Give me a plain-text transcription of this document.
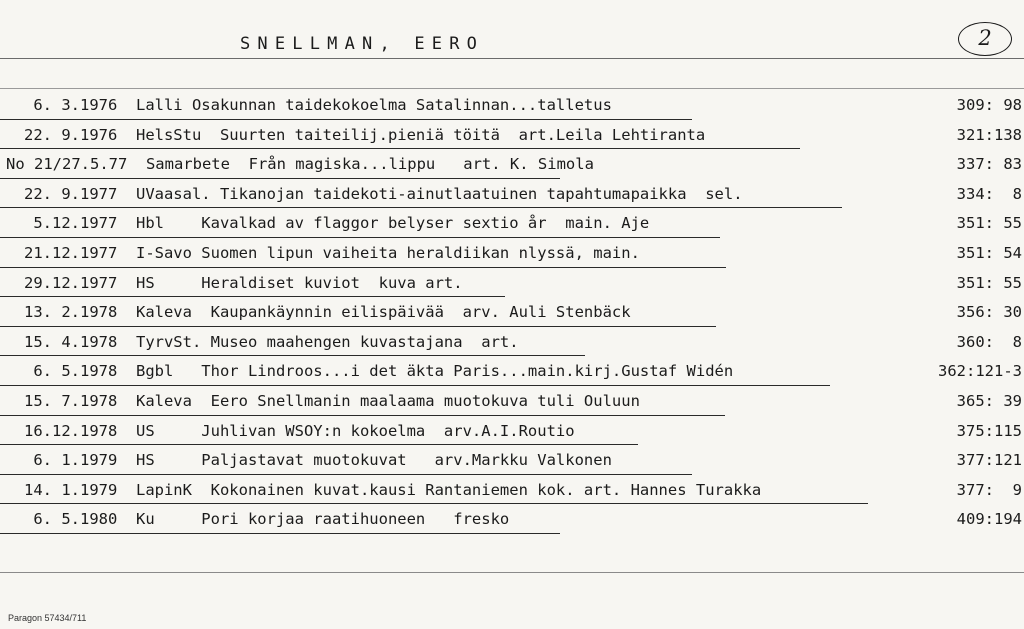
SNELLMAN, EERO	2
6. 3.1976  Lalli Osakunnan taidekokoelma Satalinnan...talletus	309: 98
22. 9.1976  HelsStu  Suurten taiteilij.pieniä töitä  art.Leila Lehtiranta	321:138
No 21/27.5.77  Samarbete  Från magiska...lippu   art. K. Simola	337: 83
22. 9.1977  UVaasal. Tikanojan taidekoti-ainutlaatuinen tapahtumapaikka  sel.	334:  8
5.12.1977  Hbl    Kavalkad av flaggor belyser sextio år  main. Aje	351: 55
21.12.1977  I-Savo Suomen lipun vaiheita heraldiikan nlyssä, main.	351: 54
29.12.1977  HS     Heraldiset kuviot  kuva art.	351: 55
13. 2.1978  Kaleva  Kaupankäynnin eilispäivää  arv. Auli Stenbäck	356: 30
15. 4.1978  TyrvSt. Museo maahengen kuvastajana  art.	360:  8
6. 5.1978  Bgbl   Thor Lindroos...i det äkta Paris...main.kirj.Gustaf Widén	362:121-3
15. 7.1978  Kaleva  Eero Snellmanin maalaama muotokuva tuli Ouluun	365: 39
16.12.1978  US     Juhlivan WSOY:n kokoelma  arv.A.I.Routio	375:115
6. 1.1979  HS     Paljastavat muotokuvat   arv.Markku Valkonen	377:121
14. 1.1979  LapinK  Kokonainen kuvat.kausi Rantaniemen kok. art. Hannes Turakka	377:  9
6. 5.1980  Ku     Pori korjaa raatihuoneen   fresko	409:194
Paragon 57434/711
